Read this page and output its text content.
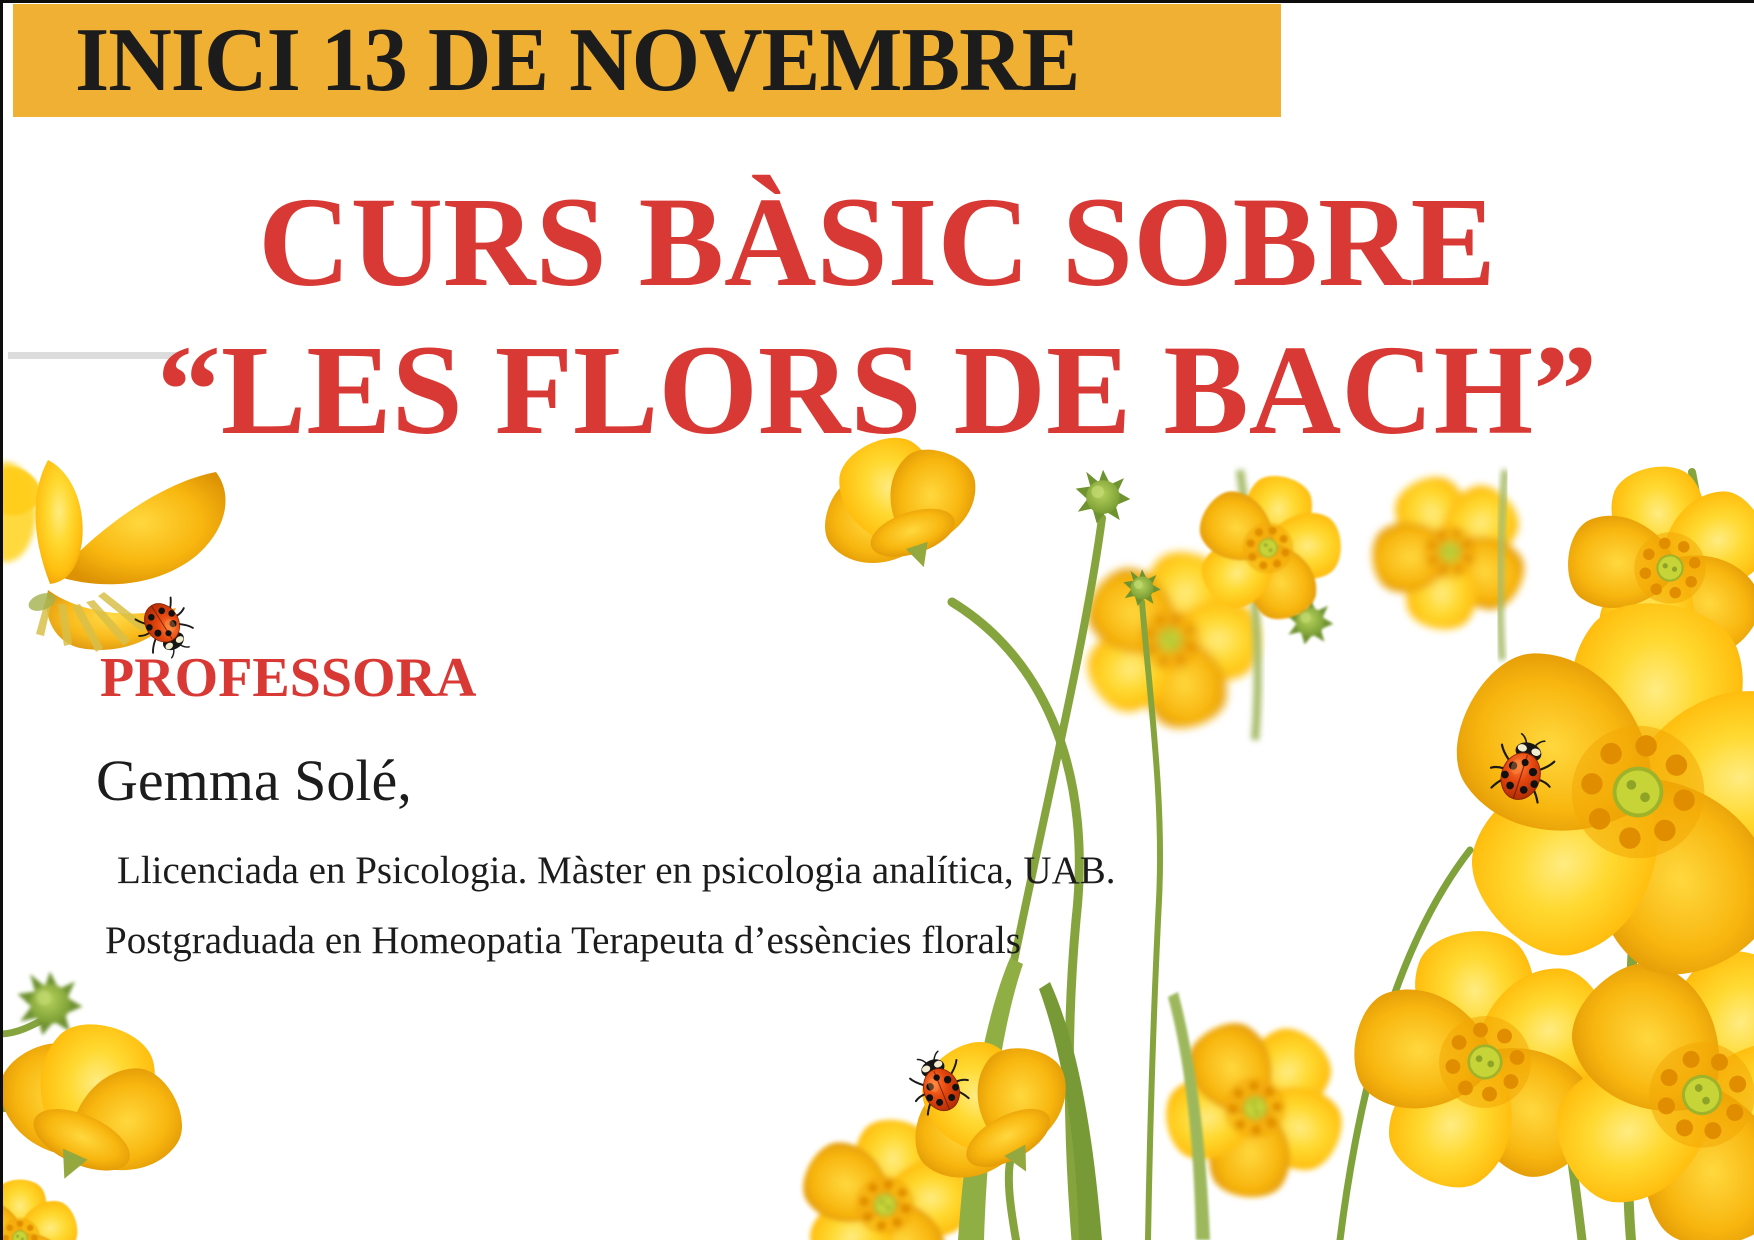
INICI 13 DE NOVEMBRE
CURS BÀSIC SOBRE
“LES FLORS DE BACH”
PROFESSORA
Gemma Solé,
Llicenciada en Psicologia. Màster en psicologia analítica, UAB.
Postgraduada en Homeopatia Terapeuta d’essències florals
